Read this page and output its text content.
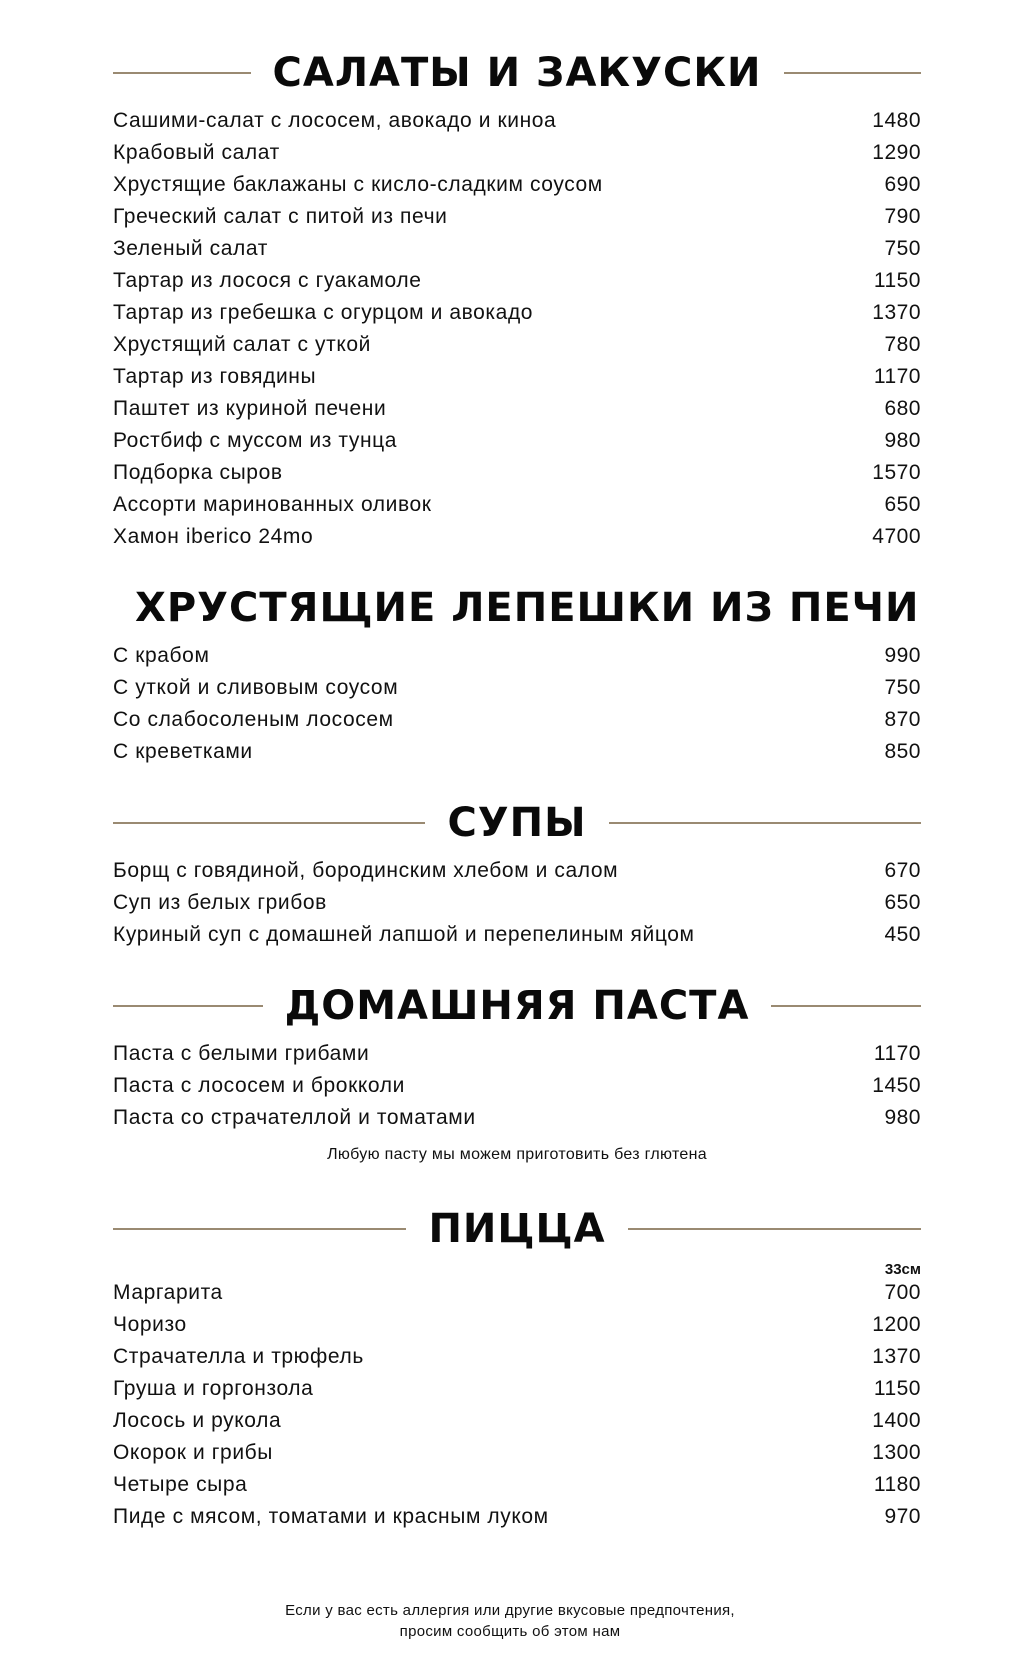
САЛАТЫ И ЗАКУСКИ
Сашими-салат с лососем, авокадо и киноа	1480
Крабовый салат	1290
Хрустящие баклажаны с кисло-сладким соусом	690
Греческий салат с питой из печи	790
Зеленый салат	750
Тартар из лосося с гуакамоле	1150
Тартар из гребешка с огурцом и авокадо	1370
Хрустящий салат с уткой	780
Тартар из говядины	1170
Паштет из куриной печени	680
Ростбиф с муссом из тунца	980
Подборка сыров	1570
Ассорти маринованных оливок	650
Хамон iberico 24mo	4700
ХРУСТЯЩИЕ ЛЕПЕШКИ ИЗ ПЕЧИ
С крабом	990
С уткой и сливовым соусом	750
Со слабосоленым лососем	870
С креветками	850
СУПЫ
Борщ с говядиной, бородинским хлебом и салом	670
Суп из белых грибов	650
Куриный суп с домашней лапшой и перепелиным яйцом	450
ДОМАШНЯЯ ПАСТА
Паста с белыми грибами	1170
Паста с лососем и брокколи	1450
Паста со страчателлой и томатами	980
Любую пасту мы можем приготовить без глютена
ПИЦЦА
33см
Маргарита	700
Чоризо	1200
Страчателла и трюфель	1370
Груша и горгонзола	1150
Лосось и рукола	1400
Окорок и грибы	1300
Четыре сыра	1180
Пиде с мясом, томатами и красным луком	970
Если у вас есть аллергия или другие вкусовые предпочтения,
просим сообщить об этом нам
